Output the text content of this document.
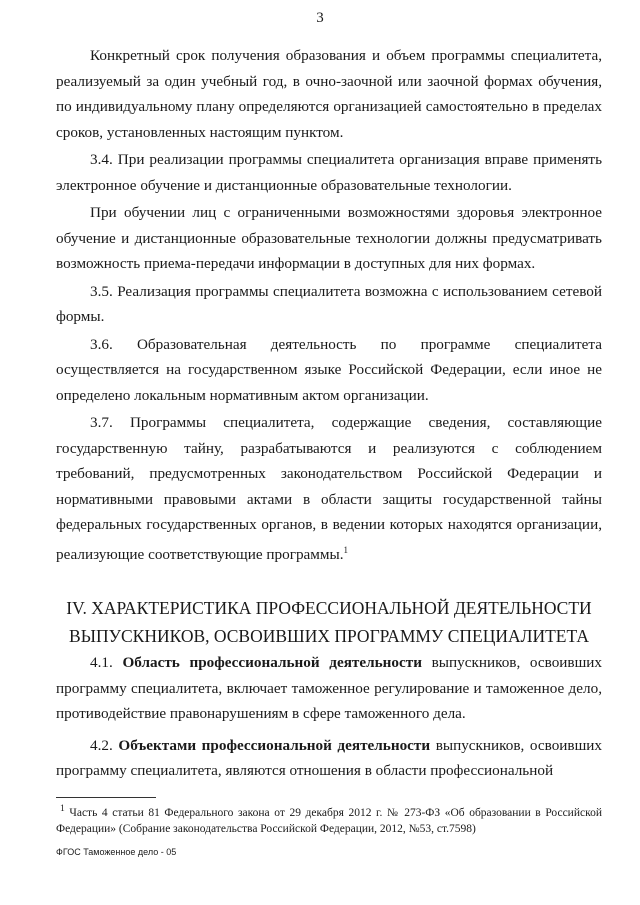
3

Конкретный срок получения образования и объем программы специалитета, реализуемый за один учебный год, в очно-заочной или заочной формах обучения, по индивидуальному плану определяются организацией самостоятельно в пределах сроков, установленных настоящим пунктом.

3.4. При реализации программы специалитета организация вправе применять электронное обучение и дистанционные образовательные технологии.

При обучении лиц с ограниченными возможностями здоровья электронное обучение и дистанционные образовательные технологии должны предусматривать возможность приема-передачи информации в доступных для них формах.

3.5. Реализация программы специалитета возможна с использованием сетевой формы.

3.6. Образовательная деятельность по программе специалитета осуществляется на государственном языке Российской Федерации, если иное не определено локальным нормативным актом организации.

3.7. Программы специалитета, содержащие сведения, составляющие государственную тайну, разрабатываются и реализуются с соблюдением требований, предусмотренных законодательством Российской Федерации и нормативными правовыми актами в области защиты государственной тайны федеральных государственных органов, в ведении которых находятся организации, реализующие соответствующие программы.$^1$

IV. ХАРАКТЕРИСТИКА ПРОФЕССИОНАЛЬНОЙ ДЕЯТЕЛЬНОСТИ
ВЫПУСКНИКОВ, ОСВОИВШИХ ПРОГРАММУ СПЕЦИАЛИТЕТА

4.1. Область профессиональной деятельности выпускников, освоивших программу специалитета, включает таможенное регулирование и таможенное дело, противодействие правонарушениям в сфере таможенного дела.

4.2. Объектами профессиональной деятельности выпускников, освоивших программу специалитета, являются отношения в области профессиональной

$^1$ Часть 4 статьи 81 Федерального закона от 29 декабря 2012 г. № 273-ФЗ «Об образовании в Российской Федерации» (Собрание законодательства Российской Федерации, 2012, №53, ст.7598)

ФГОС Таможенное дело - 05
